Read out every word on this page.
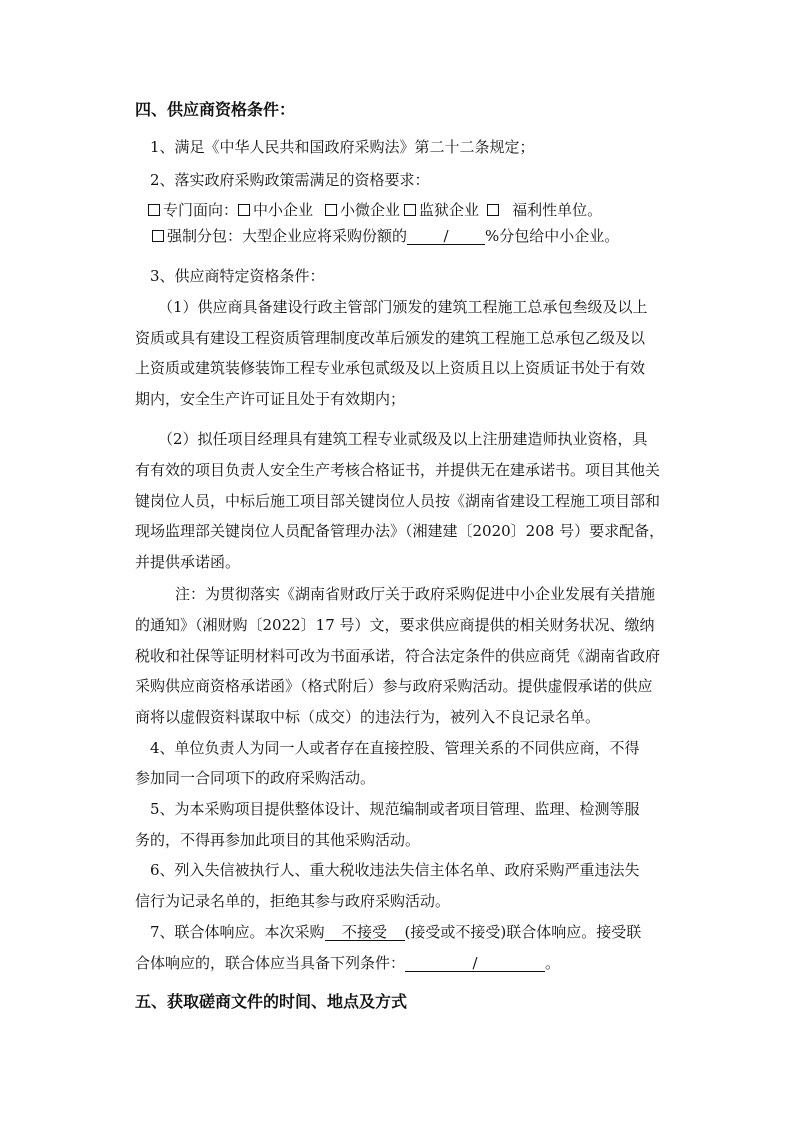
四、供应商资格条件：
1、满足《中华人民共和国政府采购法》第二十二条规定；
2、落实政府采购政策需满足的资格要求：
专门面向： 中小企业 小微企业 监狱企业 福利性单位。
强制分包：大型企业应将采购份额的 / %分包给中小企业。
3、供应商特定资格条件：
（1）供应商具备建设行政主管部门颁发的建筑工程施工总承包叁级及以上
资质或具有建设工程资质管理制度改革后颁发的建筑工程施工总承包乙级及以
上资质或建筑装修装饰工程专业承包贰级及以上资质且以上资质证书处于有效
期内，安全生产许可证且处于有效期内；
（2）拟任项目经理具有建筑工程专业贰级及以上注册建造师执业资格，具
有有效的项目负责人安全生产考核合格证书，并提供无在建承诺书。项目其他关
键岗位人员，中标后施工项目部关键岗位人员按《湖南省建设工程施工项目部和
现场监理部关键岗位人员配备管理办法》（湘建建〔2020〕208 号）要求配备，
并提供承诺函。
注：为贯彻落实《湖南省财政厅关于政府采购促进中小企业发展有关措施
的通知》（湘财购〔2022〕17 号）文，要求供应商提供的相关财务状况、缴纳
税收和社保等证明材料可改为书面承诺，符合法定条件的供应商凭《湖南省政府
采购供应商资格承诺函》（格式附后）参与政府采购活动。提供虚假承诺的供应
商将以虚假资料谋取中标（成交）的违法行为，被列入不良记录名单。
4、单位负责人为同一人或者存在直接控股、管理关系的不同供应商，不得
参加同一合同项下的政府采购活动。
5、为本采购项目提供整体设计、规范编制或者项目管理、监理、检测等服
务的，不得再参加此项目的其他采购活动。
6、列入失信被执行人、重大税收违法失信主体名单、政府采购严重违法失
信行为记录名单的，拒绝其参与政府采购活动。
7、联合体响应。本次采购 不接受 (接受或不接受)联合体响应。接受联
合体响应的，联合体应当具备下列条件：	/	。
五、获取磋商文件的时间、地点及方式
